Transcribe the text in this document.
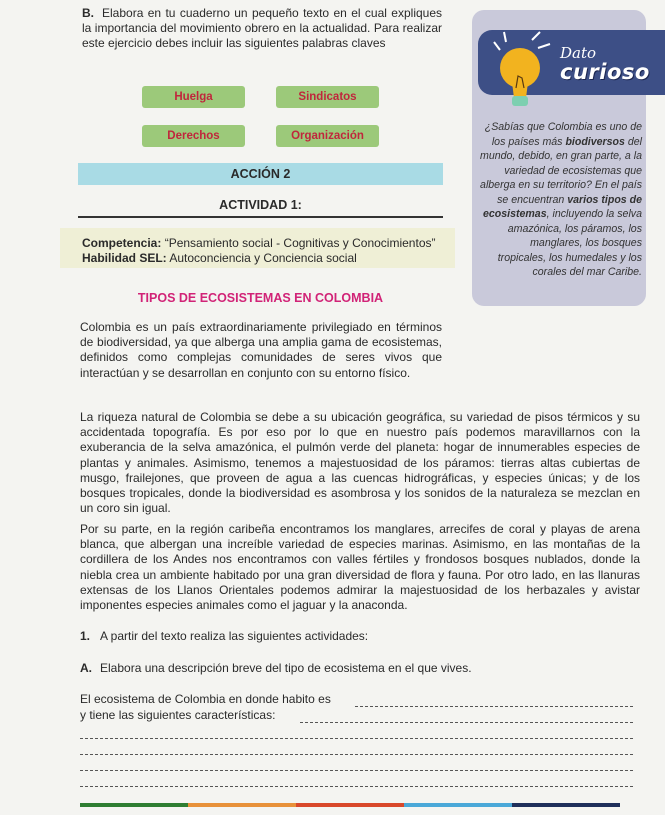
B. Elabora en tu cuaderno un pequeño texto en el cual expliques la importancia del movimiento obrero en la actualidad. Para realizar este ejercicio debes incluir las siguientes palabras claves
Huelga	Sindicatos
Derechos	Organización
ACCIÓN 2
ACTIVIDAD 1:
Competencia: “Pensamiento social - Cognitivas y Conocimientos”
Habilidad SEL: Autoconciencia y Conciencia social
TIPOS DE ECOSISTEMAS EN COLOMBIA
Colombia es un país extraordinariamente privilegiado en términos de biodiversidad, ya que alberga una amplia gama de ecosistemas, definidos como complejas comunidades de seres vivos que interactúan y se desarrollan en conjunto con su entorno físico.
La riqueza natural de Colombia se debe a su ubicación geográfica, su variedad de pisos térmicos y su accidentada topografía. Es por eso por lo que en nuestro país podemos maravillarnos con la exuberancia de la selva amazónica, el pulmón verde del planeta: hogar de innumerables especies de plantas y animales. Asimismo, tenemos a majestuosidad de los páramos: tierras altas cubiertas de musgo, frailejones, que proveen de agua a las cuencas hidrográficas, y especies únicas; y de los bosques tropicales, donde la biodiversidad es asombrosa y los sonidos de la naturaleza se mezclan en un coro sin igual.
Por su parte, en la región caribeña encontramos los manglares, arrecifes de coral y playas de arena blanca, que albergan una increíble variedad de especies marinas. Asimismo, en las montañas de la cordillera de los Andes nos encontramos con valles fértiles y frondosos bosques nublados, donde la niebla crea un ambiente habitado por una gran diversidad de flora y fauna. Por otro lado, en las llanuras extensas de los Llanos Orientales podemos admirar la majestuosidad de los herbazales y avistar imponentes especies animales como el jaguar y la anaconda.
1. A partir del texto realiza las siguientes actividades:
A. Elabora una descripción breve del tipo de ecosistema en el que vives.
El ecosistema de Colombia en donde habito es
y tiene las siguientes características:
Dato
curioso
¿Sabías que Colombia es uno de los países más biodiversos del mundo, debido, en gran parte, a la variedad de ecosistemas que alberga en su territorio? En el país se encuentran varios tipos de ecosistemas, incluyendo la selva amazónica, los páramos, los manglares, los bosques tropicales, los humedales y los corales del mar Caribe.
